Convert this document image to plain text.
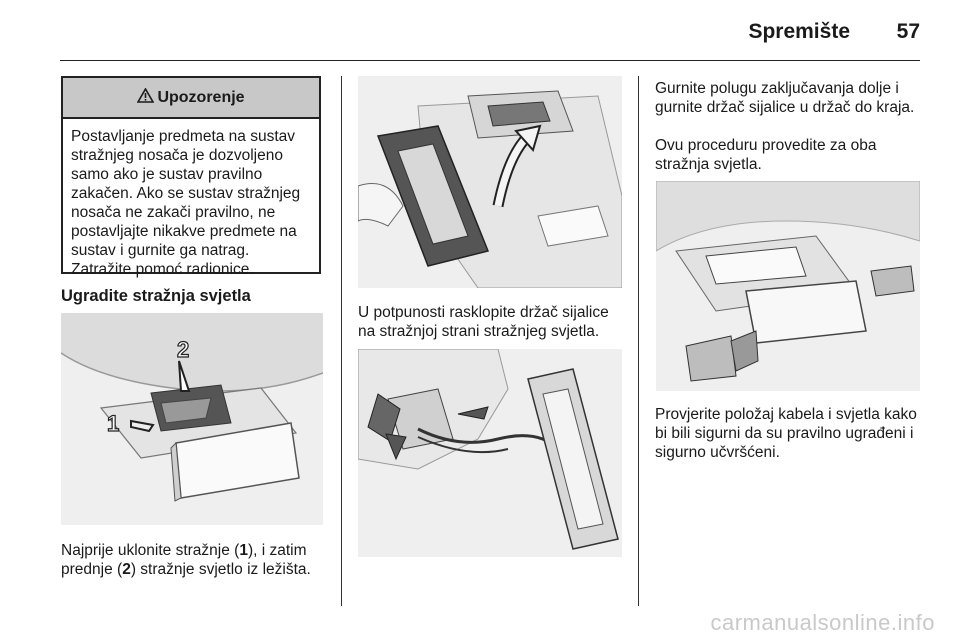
Spremište	57
Upozorenje
Postavljanje predmeta na sustav stražnjeg nosača je dozvoljeno samo ako je sustav pravilno zakačen. Ako se sustav stražnjeg nosača ne zakači pravilno, ne postavljajte nikakve predmete na sustav i gurnite ga natrag. Zatražite pomoć radionice.
Ugradite stražnja svjetla
2
1
Najprije uklonite stražnje (1), i zatim prednje (2) stražnje svjetlo iz ležišta.
U potpunosti rasklopite držač sijalice na stražnjoj strani stražnjeg svjetla.
Gurnite polugu zaključavanja dolje i gurnite držač sijalice u držač do kraja.
Ovu proceduru provedite za oba stražnja svjetla.
Provjerite položaj kabela i svjetla kako bi bili sigurni da su pravilno ugrađeni i sigurno učvršćeni.
carmanualsonline.info
